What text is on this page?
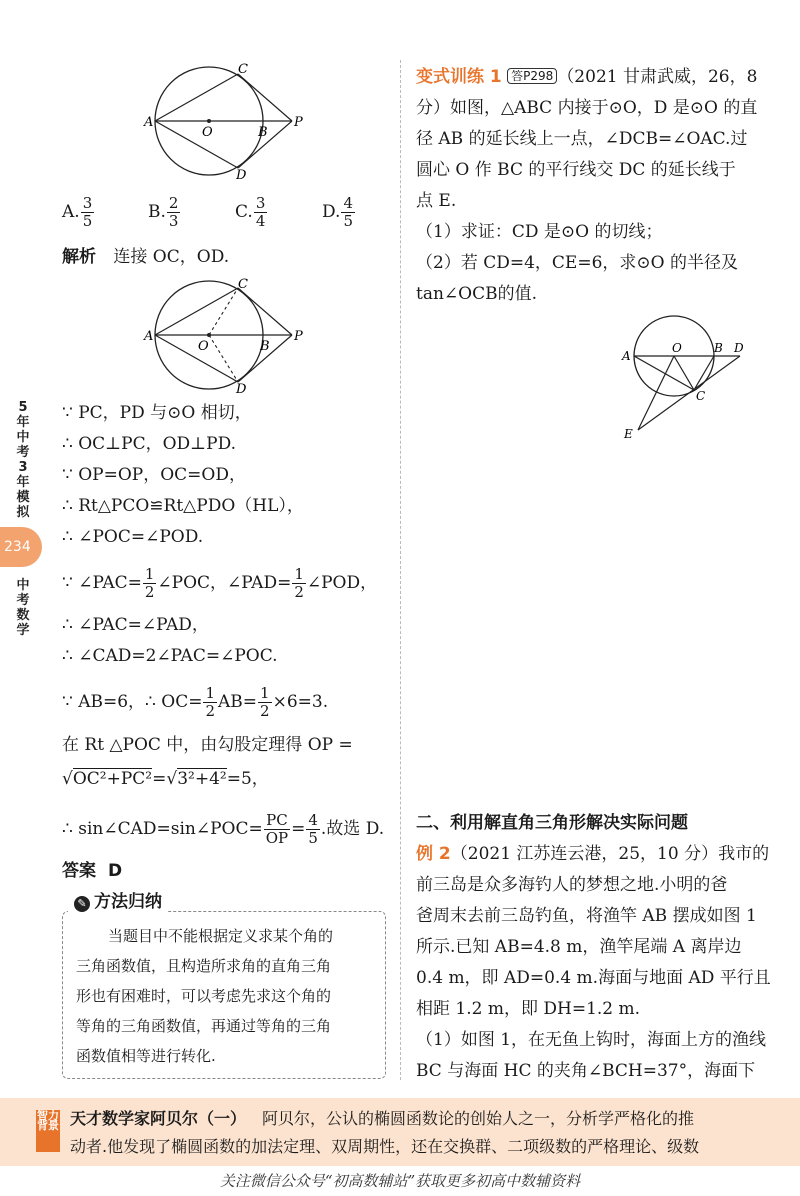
5年中考3年模拟
234
中考数学
A
O	B
P
C
D
A. $\frac{3}{5}$	B. $\frac{2}{3}$	C. $\frac{3}{4}$	D. $\frac{4}{5}$
解析 连接 OC，OD.
A
O	B
P
C
D
∵ PC，PD 与⊙O 相切，
∴ OC⊥PC，OD⊥PD.
∵ OP=OP，OC=OD，
∴ Rt△PCO≌Rt△PDO（HL），
∴ ∠POC=∠POD.
∵ ∠PAC= $\frac{1}{2}$ ∠POC，∠PAD= $\frac{1}{2}$ ∠POD，
∴ ∠PAC=∠PAD，
∴ ∠CAD=2∠PAC=∠POC.
∵ AB=6，∴ $OC= \frac{1}{2} AB= \frac{1}{2} \times 6=3$.
在 Rt △POC 中，由勾股定理得 OP =
√OC²+PC²=√3²+4²=5，
∴ sin∠CAD=sin∠POC= $\frac{PC}{OP} = \frac{4}{5}$ .故选 D.
答案 D
✎ 方法归纳
当题目中不能根据定义求某个角的
三角函数值，且构造所求角的直角三角
形也有困难时，可以考虑先求这个角的
等角的三角函数值，再通过等角的三角
函数值相等进行转化.
变式训练 1 答P298 （2021 甘肃武威，26，8
分）如图，△ABC 内接于⊙O，D 是⊙O 的直
径 AB 的延长线上一点，∠DCB=∠OAC.过
圆心 O 作 BC 的平行线交 DC 的延长线于
点 E.
（1）求证：CD 是⊙O 的切线；
（2）若 CD=4，CE=6，求⊙O 的半径及
tan∠OCB的值.
A
O	B D
C
E
二、利用解直角三角形解决实际问题
例 2（2021 江苏连云港，25，10 分）我市的
前三岛是众多海钓人的梦想之地.小明的爸
爸周末去前三岛钓鱼，将渔竿 AB 摆成如图 1
所示.已知 AB=4.8 m，渔竿尾端 A 离岸边
0.4 m，即 AD=0.4 m.海面与地面 AD 平行且
相距 1.2 m，即 DH=1.2 m.
（1）如图 1，在无鱼上钩时，海面上方的渔线
BC 与海面 HC 的夹角∠BCH=37°，海面下
智力背景 天才数学家阿贝尔（一） 阿贝尔，公认的椭圆函数论的创始人之一，分析学严格化的推
动者.他发现了椭圆函数的加法定理、双周期性，还在交换群、二项级数的严格理论、级数
关注微信公众号“初高数辅站”获取更多初高中数辅资料
